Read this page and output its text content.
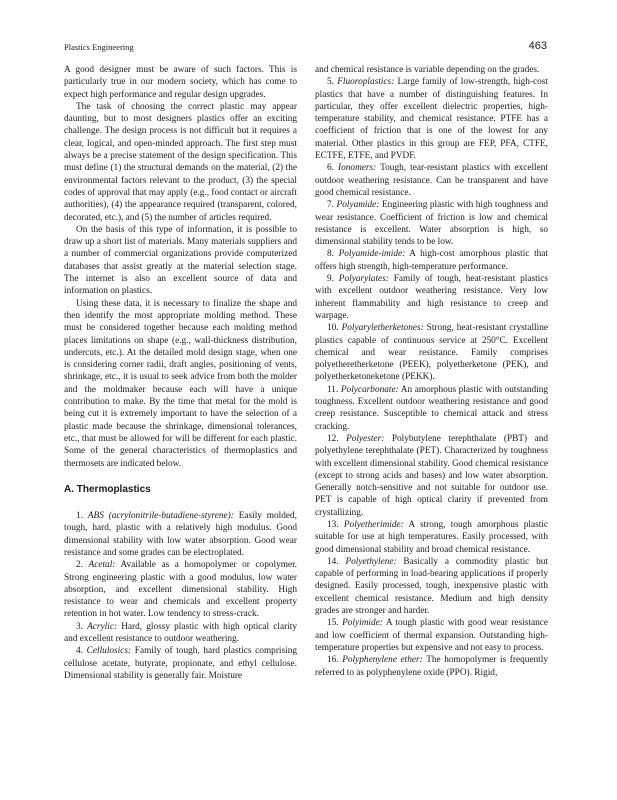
Plastics Engineering	463

A good designer must be aware of such factors. This is particularly true in our modern society, which has come to expect high performance and regular design upgrades.

The task of choosing the correct plastic may appear daunting, but to most designers plastics offer an exciting challenge. The design process is not difficult but it requires a clear, logical, and open-minded approach. The first step must always be a precise statement of the design specification. This must define (1) the structural demands on the material, (2) the environmental factors relevant to the product, (3) the special codes of approval that may apply (e.g., food contact or aircraft authorities), (4) the appearance required (transparent, colored, decorated, etc.), and (5) the number of articles required.

On the basis of this type of information, it is possible to draw up a short list of materials. Many materials suppliers and a number of commercial organizations provide computerized databases that assist greatly at the material selection stage. The internet is also an excellent source of data and information on plastics.

Using these data, it is necessary to finalize the shape and then identify the most appropriate molding method. These must be considered together because each molding method places limitations on shape (e.g., wall-thickness distribution, undercuts, etc.). At the detailed mold design stage, when one is considering corner radii, draft angles, positioning of vents, shrinkage, etc., it is usual to seek advice from both the molder and the moldmaker because each will have a unique contribution to make. By the time that metal for the mold is being cut it is extremely important to have the selection of a plastic made because the shrinkage, dimensional tolerances, etc., that must be allowed for will be different for each plastic. Some of the general characteristics of thermoplastics and thermosets are indicated below.

A. Thermoplastics

1. ABS (acrylonitrile-butadiene-styrene): Easily molded, tough, hard, plastic with a relatively high modulus. Good dimensional stability with low water absorption. Good wear resistance and some grades can be electroplated.

2. Acetal: Available as a homopolymer or copolymer. Strong engineering plastic with a good modulus, low water absorption, and excellent dimensional stability. High resistance to wear and chemicals and excellent property retention in hot water. Low tendency to stress-crack.

3. Acrylic: Hard, glossy plastic with high optical clarity and excellent resistance to outdoor weathering.

4. Cellulosics: Family of tough, hard plastics comprising cellulose acetate, butyrate, propionate, and ethyl cellulose. Dimensional stability is generally fair. Moisture

and chemical resistance is variable depending on the grades.

5. Fluoroplastics: Large family of low-strength, high-cost plastics that have a number of distinguishing features. In particular, they offer excellent dielectric properties, high-temperature stability, and chemical resistance. PTFE has a coefficient of friction that is one of the lowest for any material. Other plastics in this group are FEP, PFA, CTFE, ECTFE, ETFE, and PVDF.

6. Ionomers: Tough, tear-resistant plastics with excellent outdoor weathering resistance. Can be transparent and have good chemical resistance.

7. Polyamide: Engineering plastic with high toughness and wear resistance. Coefficient of friction is low and chemical resistance is excellent. Water absorption is high, so dimensional stability tends to be low.

8. Polyamide-imide: A high-cost amorphous plastic that offers high strength, high-temperature performance.

9. Polyarylates: Family of tough, heat-resistant plastics with excellent outdoor weathering resistance. Very low inherent flammability and high resistance to creep and warpage.

10. Polyaryletherketones: Strong, heat-resistant crystalline plastics capable of continuous service at 250°C. Excellent chemical and wear resistance. Family comprises polyetheretherketone (PEEK), polyetherketone (PEK), and polyetherketoneketone (PEKK).

11. Polycarbonate: An amorphous plastic with outstanding toughness. Excellent outdoor weathering resistance and good creep resistance. Susceptible to chemical attack and stress cracking.

12. Polyester: Polybutylene terephthalate (PBT) and polyethylene terephthalate (PET). Characterized by toughness with excellent dimensional stability. Good chemical resistance (except to strong acids and bases) and low water absorption. Generally notch-sensitive and not suitable for outdoor use. PET is capable of high optical clarity if prevented from crystallizing.

13. Polyetherimide: A strong, tough amorphous plastic suitable for use at high temperatures. Easily processed, with good dimensional stability and broad chemical resistance.

14. Polyethylene: Basically a commodity plastic but capable of performing in load-bearing applications if properly designed. Easily processed, tough, inexpensive plastic with excellent chemical resistance. Medium and high density grades are stronger and harder.

15. Polyimide: A tough plastic with good wear resistance and low coefficient of thermal expansion. Outstanding high-temperature properties but expensive and not easy to process.

16. Polyphenylene ether: The homopolymer is frequently referred to as polyphenylene oxide (PPO). Rigid,
